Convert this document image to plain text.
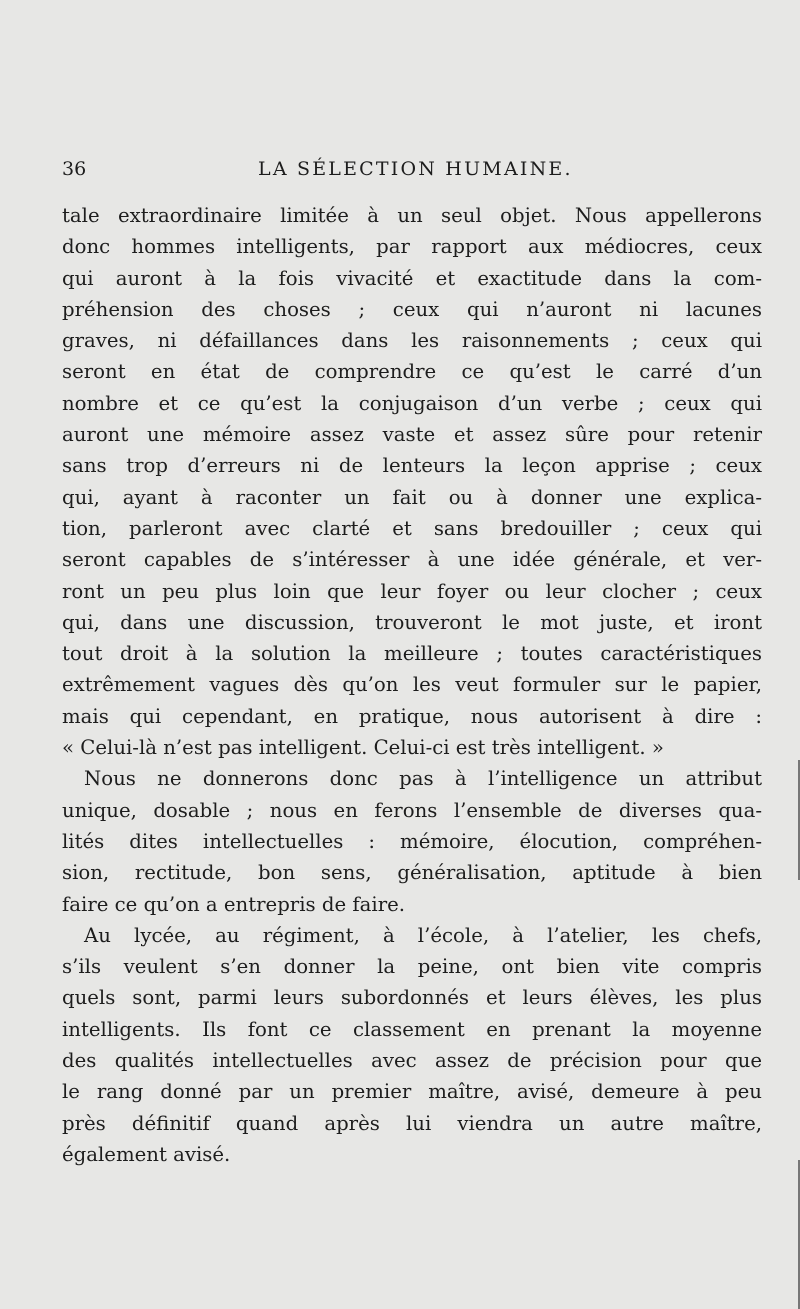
36	LA SÉLECTION HUMAINE.
tale extraordinaire limitée à un seul objet. Nous appellerons
donc hommes intelligents, par rapport aux médiocres, ceux
qui auront à la fois vivacité et exactitude dans la com-
préhension des choses ; ceux qui n’auront ni lacunes
graves, ni défaillances dans les raisonnements ; ceux qui
seront en état de comprendre ce qu’est le carré d’un
nombre et ce qu’est la conjugaison d’un verbe ; ceux qui
auront une mémoire assez vaste et assez sûre pour retenir
sans trop d’erreurs ni de lenteurs la leçon apprise ; ceux
qui, ayant à raconter un fait ou à donner une explica-
tion, parleront avec clarté et sans bredouiller ; ceux qui
seront capables de s’intéresser à une idée générale, et ver-
ront un peu plus loin que leur foyer ou leur clocher ; ceux
qui, dans une discussion, trouveront le mot juste, et iront
tout droit à la solution la meilleure ; toutes caractéristiques
extrêmement vagues dès qu’on les veut formuler sur le papier,
mais qui cependant, en pratique, nous autorisent à dire :
« Celui-là n’est pas intelligent. Celui-ci est très intelligent. »
Nous ne donnerons donc pas à l’intelligence un attribut
unique, dosable ; nous en ferons l’ensemble de diverses qua-
lités dites intellectuelles : mémoire, élocution, compréhen-
sion, rectitude, bon sens, généralisation, aptitude à bien
faire ce qu’on a entrepris de faire.
Au lycée, au régiment, à l’école, à l’atelier, les chefs,
s’ils veulent s’en donner la peine, ont bien vite compris
quels sont, parmi leurs subordonnés et leurs élèves, les plus
intelligents. Ils font ce classement en prenant la moyenne
des qualités intellectuelles avec assez de précision pour que
le rang donné par un premier maître, avisé, demeure à peu
près définitif quand après lui viendra un autre maître,
également avisé.
